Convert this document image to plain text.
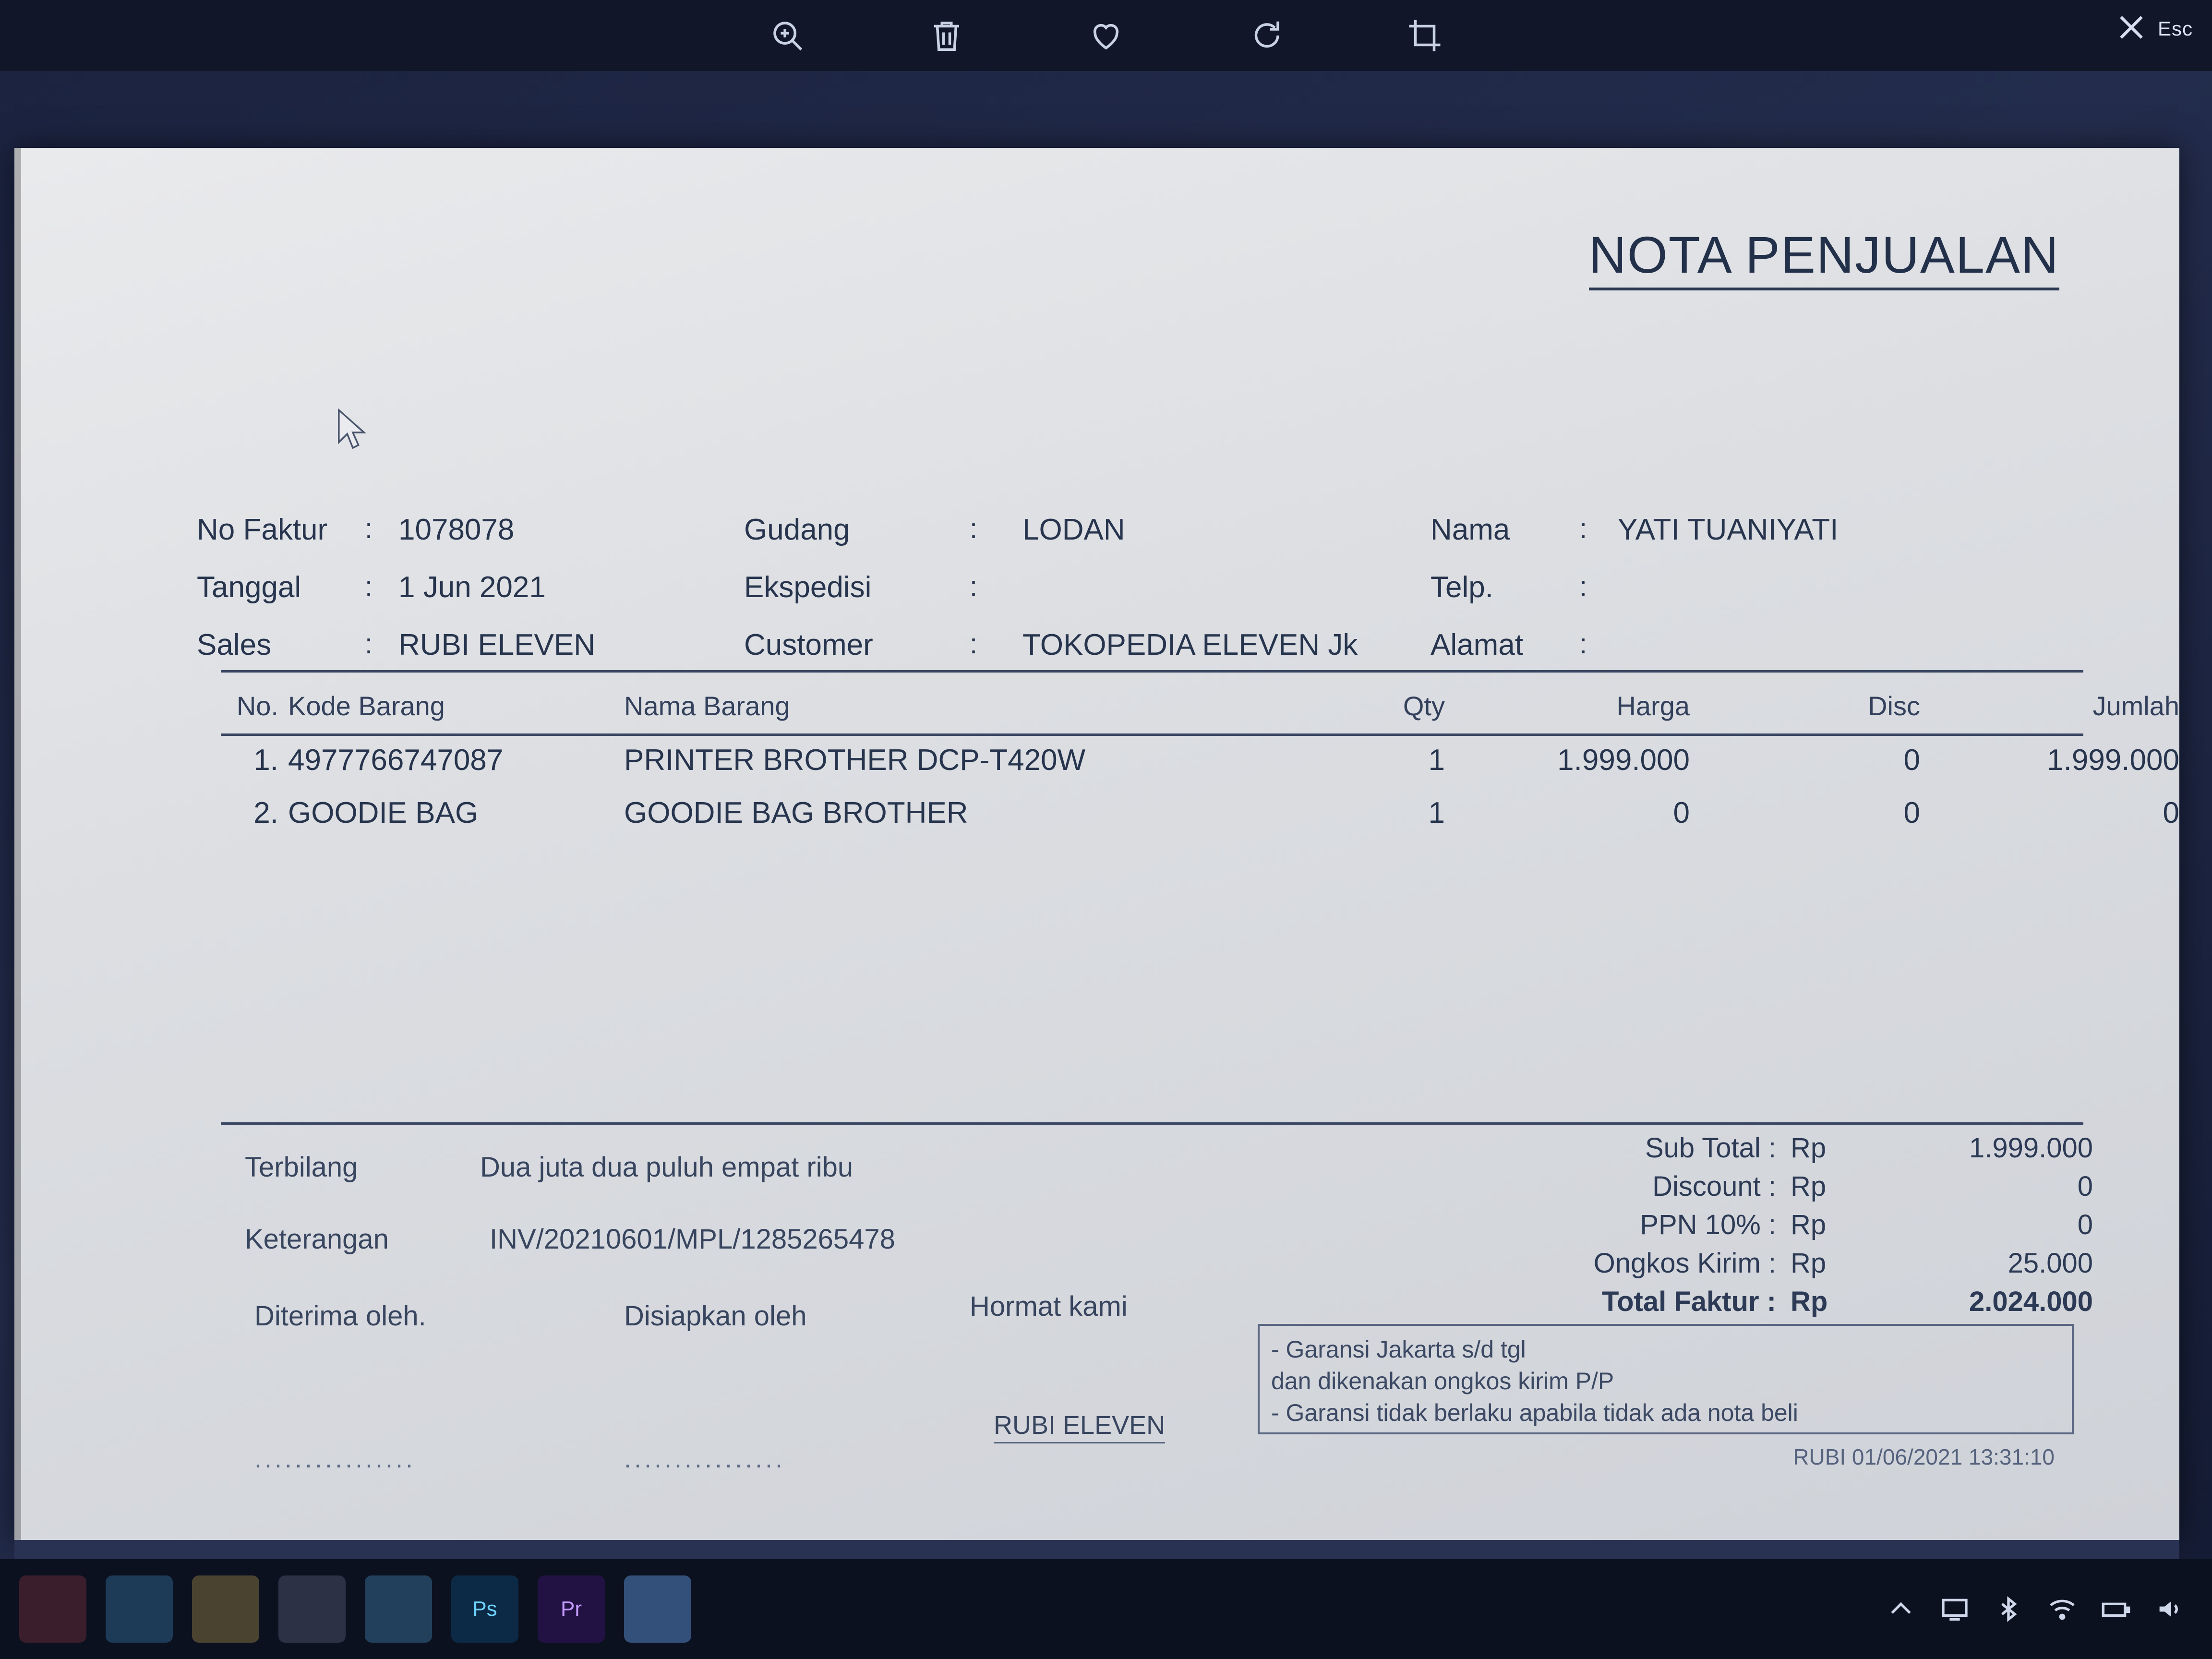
Esc
NOTA PENJUALAN
No Faktur : 1078078
Tanggal : 1 Jun 2021
Sales	: RUBI ELEVEN
Gudang	: LODAN
Ekspedisi	:
Customer	: TOKOPEDIA ELEVEN Jk
Nama : YATI TUANIYATI
Telp.	:
Alamat :
No. Kode Barang	Nama Barang	Qty	Harga	Disc	Jumlah
1. 4977766747087	PRINTER BROTHER DCP-T420W	1	1.999.000	0	1.999.000
2. GOODIE BAG	GOODIE BAG BROTHER	1	0	0	0
Terbilang	Dua juta dua puluh empat ribu
Keterangan	INV/20210601/MPL/1285265478
Diterima oleh.	Disiapkan oleh	Hormat kami
RUBI ELEVEN
................	................
Sub Total : Rp	1.999.000
Discount : Rp	0
PPN 10% : Rp	0
Ongkos Kirim : Rp	25.000
Total Faktur : Rp	2.024.000
- Garansi Jakarta s/d tgl
dan dikenakan ongkos kirim P/P
- Garansi tidak berlaku apabila tidak ada nota beli
RUBI 01/06/2021 13:31:10
Ps	Pr
